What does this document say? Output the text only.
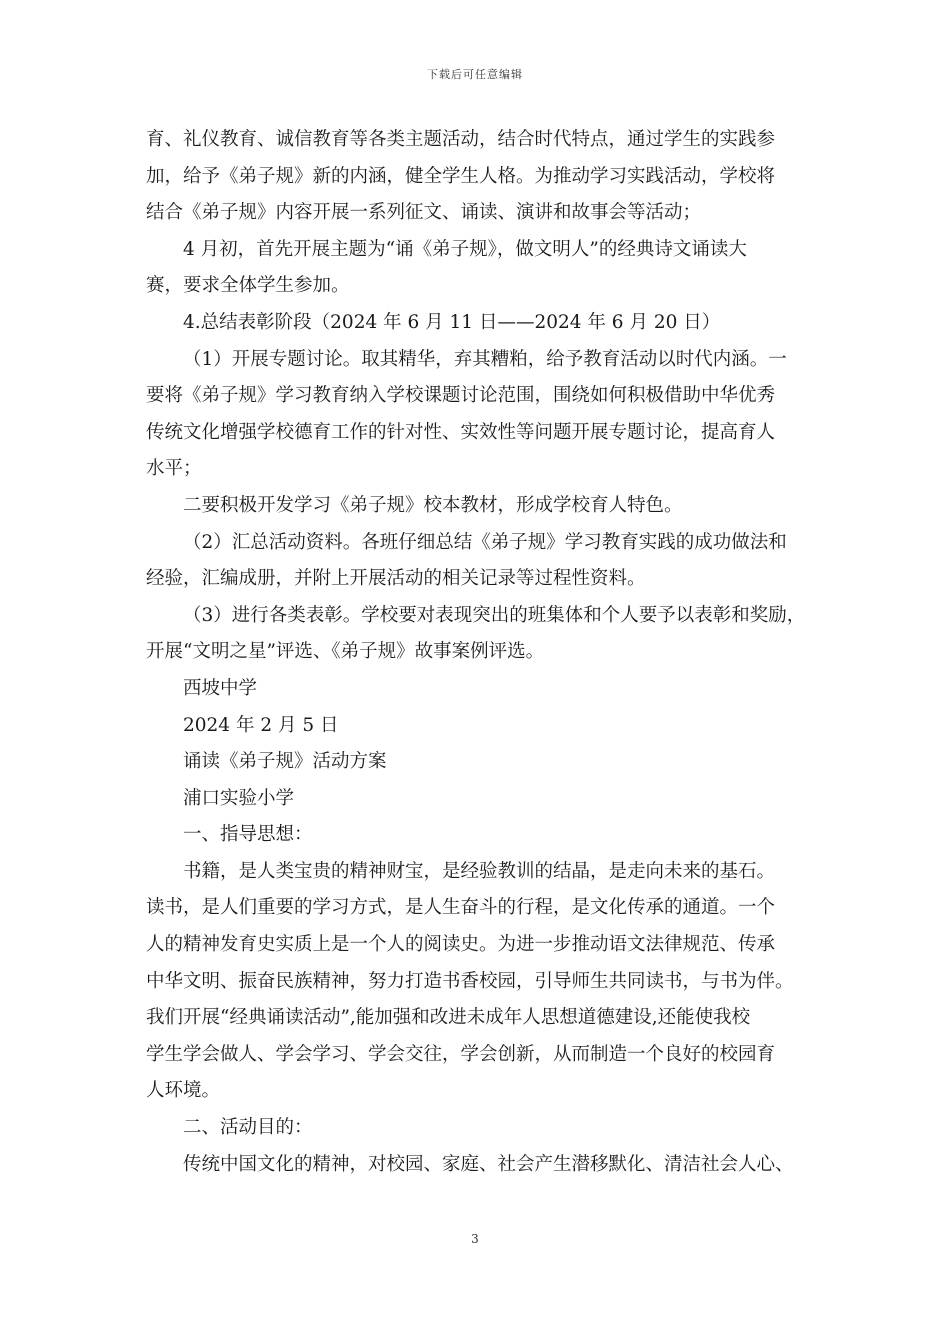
下载后可任意编辑
育、礼仪教育、诚信教育等各类主题活动，结合时代特点，通过学生的实践参
加，给予《弟子规》新的内涵，健全学生人格。为推动学习实践活动，学校将
结合《弟子规》内容开展一系列征文、诵读、演讲和故事会等活动；
4 月初，首先开展主题为“诵《弟子规》，做文明人”的经典诗文诵读大
赛，要求全体学生参加。
4.总结表彰阶段（2024 年 6 月 11 日——2024 年 6 月 20 日）
（1）开展专题讨论。取其精华，弃其糟粕，给予教育活动以时代内涵。一
要将《弟子规》学习教育纳入学校课题讨论范围，围绕如何积极借助中华优秀
传统文化增强学校德育工作的针对性、实效性等问题开展专题讨论，提高育人
水平；
二要积极开发学习《弟子规》校本教材，形成学校育人特色。
（2）汇总活动资料。各班仔细总结《弟子规》学习教育实践的成功做法和
经验，汇编成册，并附上开展活动的相关记录等过程性资料。
（3）进行各类表彰。学校要对表现突出的班集体和个人要予以表彰和奖励，
开展“文明之星”评选、《弟子规》故事案例评选。
西坡中学
2024 年 2 月 5 日
诵读《弟子规》活动方案
浦口实验小学
一、指导思想：
书籍，是人类宝贵的精神财宝，是经验教训的结晶，是走向未来的基石。
读书，是人们重要的学习方式，是人生奋斗的行程，是文化传承的通道。一个
人的精神发育史实质上是一个人的阅读史。为进一步推动语文法律规范、传承
中华文明、振奋民族精神，努力打造书香校园，引导师生共同读书，与书为伴。
我们开展“经典诵读活动”,能加强和改进未成年人思想道德建设,还能使我校
学生学会做人、学会学习、学会交往，学会创新，从而制造一个良好的校园育
人环境。
二、活动目的：
传统中国文化的精神，对校园、家庭、社会产生潜移默化、清洁社会人心、
3
